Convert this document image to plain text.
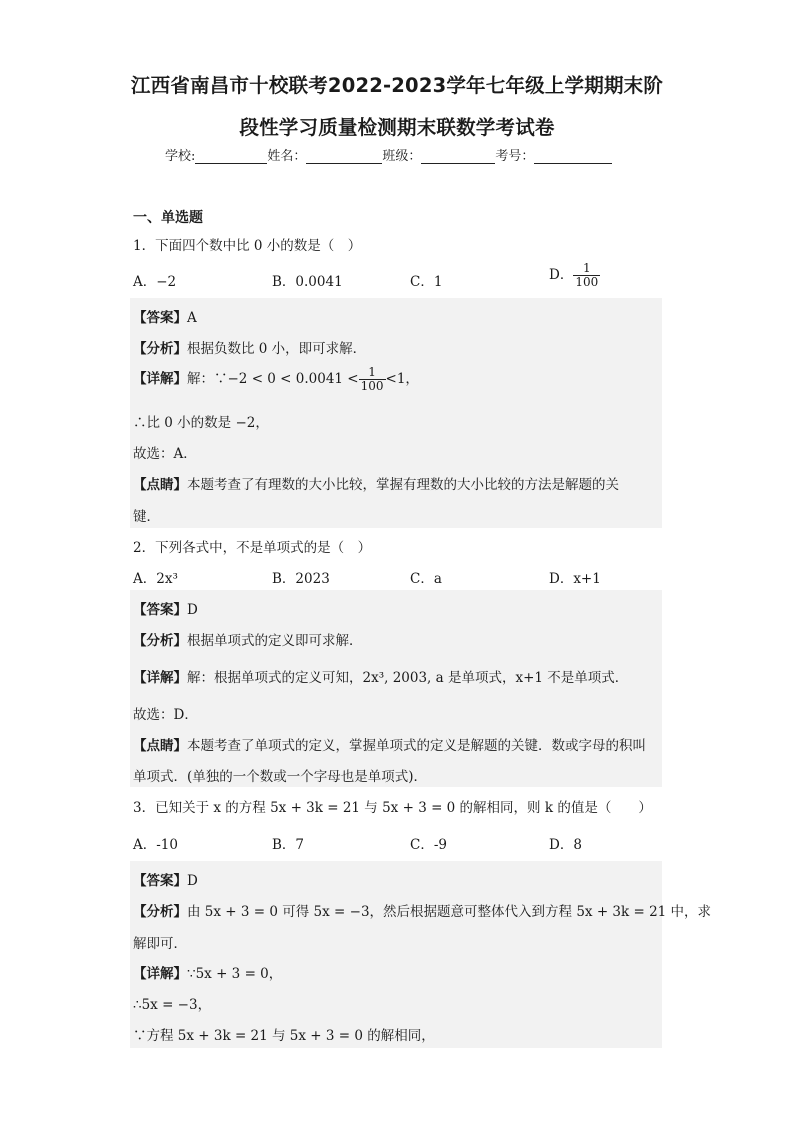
江西省南昌市十校联考2022-2023学年七年级上学期期末阶
段性学习质量检测期末联数学考试卷
学校:	姓名：	班级：	考号：
一、单选题
1．下面四个数中比 0 小的数是（　）
A．−2	B．0.0041	C．1	D． $\frac{1}{100}$
【答案】A
【分析】根据负数比 0 小，即可求解．
【详解】解：∵−2 < $0 < 0.0041 < \frac{1}{100} <1$，
∴比 0 小的数是 −2，
故选：A．
【点睛】本题考查了有理数的大小比较，掌握有理数的大小比较的方法是解题的关
键．
2．下列各式中，不是单项式的是（　）
A．2x³	B．2023	C．a	D．x+1
【答案】D
【分析】根据单项式的定义即可求解．
【详解】解：根据单项式的定义可知，2x³, 2003, a 是单项式，x+1 不是单项式．
故选：D．
【点睛】本题考查了单项式的定义，掌握单项式的定义是解题的关键．数或字母的积叫
单项式．(单独的一个数或一个字母也是单项式)．
3．已知关于 x 的方程 5x + 3k = 21 与 5x + 3 = 0 的解相同，则 k 的值是（　　）
A．-10	B．7	C．-9	D．8
【答案】D
【分析】由 5x + 3 = 0 可得 5x = −3，然后根据题意可整体代入到方程 5x + 3k = 21 中，求
解即可．
【详解】∵5x + 3 = 0，
∴5x = −3，
∵方程 5x + 3k = 21 与 5x + 3 = 0 的解相同，
